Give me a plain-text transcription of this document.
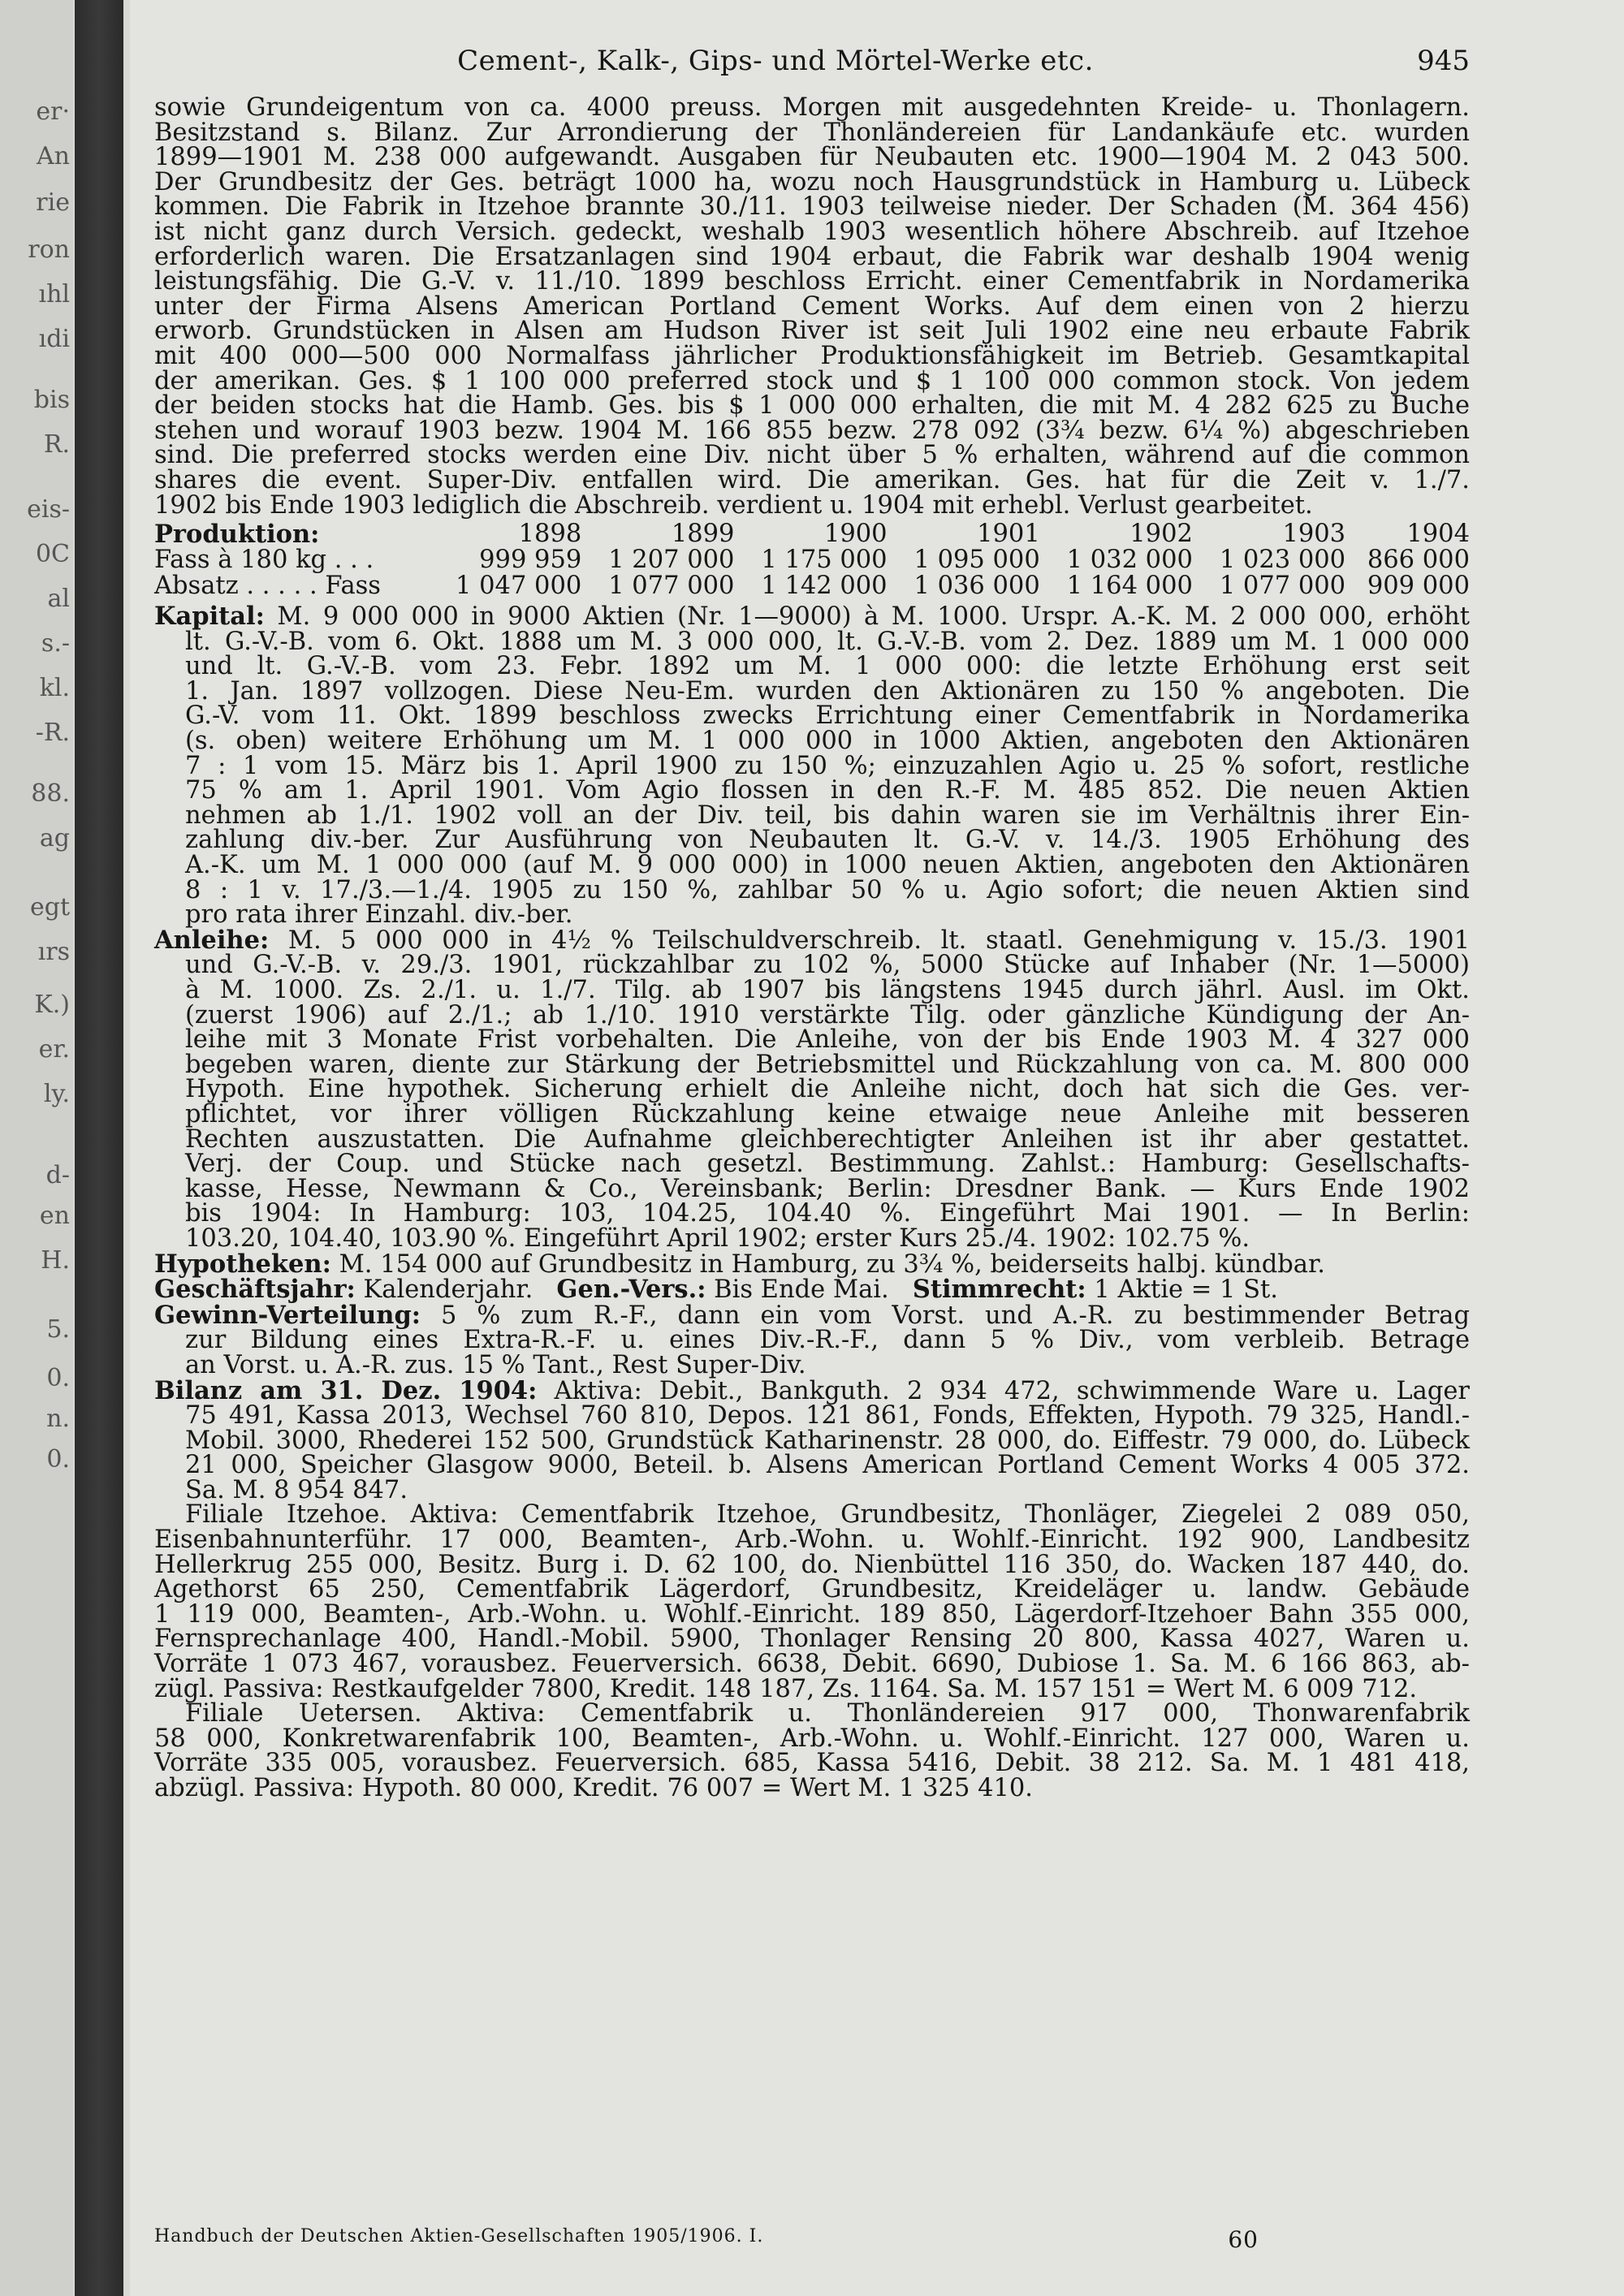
er·
An
rie
ron
ıhl
ıdi
bis
R.
eis-
0C
al
s.-
kl.
-R.
88.
ag
egt
ırs
K.)
er.
ly.
d-
en
H.
5.
0.
n.
0.
Cement-, Kalk-, Gips- und Mörtel-Werke etc.	945

sowie Grundeigentum von ca. 4000 preuss. Morgen mit ausgedehnten Kreide- u. Thonlagern.

Besitzstand s. Bilanz. Zur Arrondierung der Thonländereien für Landankäufe etc. wurden

1899—1901 M. 238 000 aufgewandt. Ausgaben für Neubauten etc. 1900—1904 M. 2 043 500.

Der Grundbesitz der Ges. beträgt 1000 ha, wozu noch Hausgrundstück in Hamburg u. Lübeck

kommen. Die Fabrik in Itzehoe brannte 30./11. 1903 teilweise nieder. Der Schaden (M. 364 456)

ist nicht ganz durch Versich. gedeckt, weshalb 1903 wesentlich höhere Abschreib. auf Itzehoe

erforderlich waren. Die Ersatzanlagen sind 1904 erbaut, die Fabrik war deshalb 1904 wenig

leistungsfähig. Die G.-V. v. 11./10. 1899 beschloss Erricht. einer Cementfabrik in Nordamerika

unter der Firma Alsens American Portland Cement Works. Auf dem einen von 2 hierzu

erworb. Grundstücken in Alsen am Hudson River ist seit Juli 1902 eine neu erbaute Fabrik

mit 400 000—500 000 Normalfass jährlicher Produktionsfähigkeit im Betrieb. Gesamtkapital

der amerikan. Ges. $ 1 100 000 preferred stock und $ 1 100 000 common stock. Von jedem

der beiden stocks hat die Hamb. Ges. bis $ 1 000 000 erhalten, die mit M. 4 282 625 zu Buche

stehen und worauf 1903 bezw. 1904 M. 166 855 bezw. 278 092 (3¾ bezw. 6¼ %) abgeschrieben

sind. Die preferred stocks werden eine Div. nicht über 5 % erhalten, während auf die common

shares die event. Super-Div. entfallen wird. Die amerikan. Ges. hat für die Zeit v. 1./7.

1902 bis Ende 1903 lediglich die Abschreib. verdient u. 1904 mit erhebl. Verlust gearbeitet.

Produktion:	1898	1899	1900	1901	1902	1903	1904
Fass à 180 kg . . .	999 959	1 207 000	1 175 000	1 095 000	1 032 000	1 023 000	866 000
Absatz . . . . . Fass	1 047 000	1 077 000	1 142 000	1 036 000	1 164 000	1 077 000	909 000

Kapital: M. 9 000 000 in 9000 Aktien (Nr. 1—9000) à M. 1000. Urspr. A.-K. M. 2 000 000, erhöht

lt. G.-V.-B. vom 6. Okt. 1888 um M. 3 000 000, lt. G.-V.-B. vom 2. Dez. 1889 um M. 1 000 000

und lt. G.-V.-B. vom 23. Febr. 1892 um M. 1 000 000: die letzte Erhöhung erst seit

1. Jan. 1897 vollzogen. Diese Neu-Em. wurden den Aktionären zu 150 % angeboten. Die

G.-V. vom 11. Okt. 1899 beschloss zwecks Errichtung einer Cementfabrik in Nordamerika

(s. oben) weitere Erhöhung um M. 1 000 000 in 1000 Aktien, angeboten den Aktionären

7 : 1 vom 15. März bis 1. April 1900 zu 150 %; einzuzahlen Agio u. 25 % sofort, restliche

75 % am 1. April 1901. Vom Agio flossen in den R.-F. M. 485 852. Die neuen Aktien

nehmen ab 1./1. 1902 voll an der Div. teil, bis dahin waren sie im Verhältnis ihrer Ein-

zahlung div.-ber. Zur Ausführung von Neubauten lt. G.-V. v. 14./3. 1905 Erhöhung des

A.-K. um M. 1 000 000 (auf M. 9 000 000) in 1000 neuen Aktien, angeboten den Aktionären

8 : 1 v. 17./3.—1./4. 1905 zu 150 %, zahlbar 50 % u. Agio sofort; die neuen Aktien sind

pro rata ihrer Einzahl. div.-ber.

Anleihe: M. 5 000 000 in 4½ % Teilschuldverschreib. lt. staatl. Genehmigung v. 15./3. 1901

und G.-V.-B. v. 29./3. 1901, rückzahlbar zu 102 %, 5000 Stücke auf Inhaber (Nr. 1—5000)

à M. 1000. Zs. 2./1. u. 1./7. Tilg. ab 1907 bis längstens 1945 durch jährl. Ausl. im Okt.

(zuerst 1906) auf 2./1.; ab 1./10. 1910 verstärkte Tilg. oder gänzliche Kündigung der An-

leihe mit 3 Monate Frist vorbehalten. Die Anleihe, von der bis Ende 1903 M. 4 327 000

begeben waren, diente zur Stärkung der Betriebsmittel und Rückzahlung von ca. M. 800 000

Hypoth. Eine hypothek. Sicherung erhielt die Anleihe nicht, doch hat sich die Ges. ver-

pflichtet, vor ihrer völligen Rückzahlung keine etwaige neue Anleihe mit besseren

Rechten auszustatten. Die Aufnahme gleichberechtigter Anleihen ist ihr aber gestattet.

Verj. der Coup. und Stücke nach gesetzl. Bestimmung. Zahlst.: Hamburg: Gesellschafts-

kasse, Hesse, Newmann & Co., Vereinsbank; Berlin: Dresdner Bank. — Kurs Ende 1902

bis 1904: In Hamburg: 103, 104.25, 104.40 %. Eingeführt Mai 1901. — In Berlin:

103.20, 104.40, 103.90 %. Eingeführt April 1902; erster Kurs 25./4. 1902: 102.75 %.

Hypotheken: M. 154 000 auf Grundbesitz in Hamburg, zu 3¾ %, beiderseits halbj. kündbar.

Geschäftsjahr: Kalenderjahr. Gen.-Vers.: Bis Ende Mai. Stimmrecht: 1 Aktie = 1 St.

Gewinn-Verteilung: 5 % zum R.-F., dann ein vom Vorst. und A.-R. zu bestimmender Betrag

zur Bildung eines Extra-R.-F. u. eines Div.-R.-F., dann 5 % Div., vom verbleib. Betrage

an Vorst. u. A.-R. zus. 15 % Tant., Rest Super-Div.

Bilanz am 31. Dez. 1904: Aktiva: Debit., Bankguth. 2 934 472, schwimmende Ware u. Lager

75 491, Kassa 2013, Wechsel 760 810, Depos. 121 861, Fonds, Effekten, Hypoth. 79 325, Handl.-

Mobil. 3000, Rhederei 152 500, Grundstück Katharinenstr. 28 000, do. Eiffestr. 79 000, do. Lübeck

21 000, Speicher Glasgow 9000, Beteil. b. Alsens American Portland Cement Works 4 005 372.

Sa. M. 8 954 847.

Filiale Itzehoe. Aktiva: Cementfabrik Itzehoe, Grundbesitz, Thonläger, Ziegelei 2 089 050,

Eisenbahnunterführ. 17 000, Beamten-, Arb.-Wohn. u. Wohlf.-Einricht. 192 900, Landbesitz

Hellerkrug 255 000, Besitz. Burg i. D. 62 100, do. Nienbüttel 116 350, do. Wacken 187 440, do.

Agethorst 65 250, Cementfabrik Lägerdorf, Grundbesitz, Kreideläger u. landw. Gebäude

1 119 000, Beamten-, Arb.-Wohn. u. Wohlf.-Einricht. 189 850, Lägerdorf-Itzehoer Bahn 355 000,

Fernsprechanlage 400, Handl.-Mobil. 5900, Thonlager Rensing 20 800, Kassa 4027, Waren u.

Vorräte 1 073 467, vorausbez. Feuerversich. 6638, Debit. 6690, Dubiose 1. Sa. M. 6 166 863, ab-

zügl. Passiva: Restkaufgelder 7800, Kredit. 148 187, Zs. 1164. Sa. M. 157 151 = Wert M. 6 009 712.

Filiale Uetersen. Aktiva: Cementfabrik u. Thonländereien 917 000, Thonwarenfabrik

58 000, Konkretwarenfabrik 100, Beamten-, Arb.-Wohn. u. Wohlf.-Einricht. 127 000, Waren u.

Vorräte 335 005, vorausbez. Feuerversich. 685, Kassa 5416, Debit. 38 212. Sa. M. 1 481 418,

abzügl. Passiva: Hypoth. 80 000, Kredit. 76 007 = Wert M. 1 325 410.

Handbuch der Deutschen Aktien-Gesellschaften 1905/1906. I.	60
